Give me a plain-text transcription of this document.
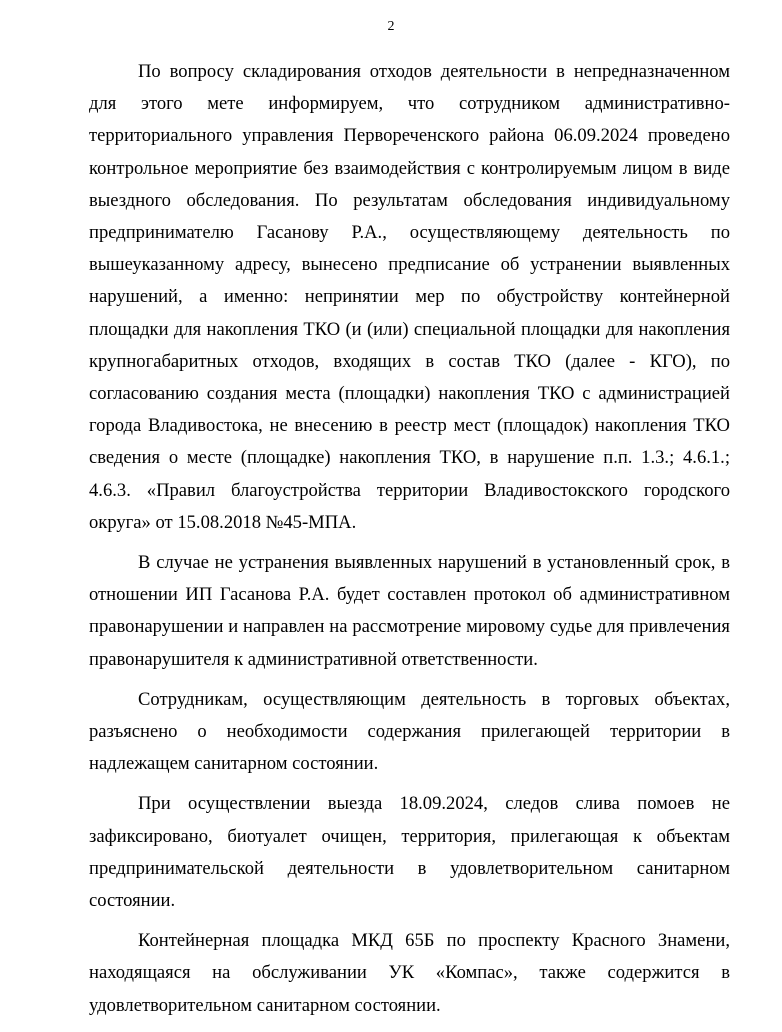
2

По вопросу складирования отходов деятельности в непредназначенном для этого мете информируем, что сотрудником административно-территориального управления Первореченского района 06.09.2024 проведено контрольное мероприятие без взаимодействия с контролируемым лицом в виде выездного обследования. По результатам обследования индивидуальному предпринимателю Гасанову Р.А., осуществляющему деятельность по вышеуказанному адресу, вынесено предписание об устранении выявленных нарушений, а именно: непринятии мер по обустройству контейнерной площадки для накопления ТКО (и (или) специальной площадки для накопления крупногабаритных отходов, входящих в состав ТКО (далее - КГО), по согласованию создания места (площадки) накопления ТКО с администрацией города Владивостока, не внесению в реестр мест (площадок) накопления ТКО сведения о месте (площадке) накопления ТКО, в нарушение п.п. 1.3.; 4.6.1.; 4.6.3. «Правил благоустройства территории Владивостокского городского округа» от 15.08.2018 №45-МПА.

В случае не устранения выявленных нарушений в установленный срок, в отношении ИП Гасанова Р.А. будет составлен протокол об административном правонарушении и направлен на рассмотрение мировому судье для привлечения правонарушителя к административной ответственности.

Сотрудникам, осуществляющим деятельность в торговых объектах, разъяснено о необходимости содержания прилегающей территории в надлежащем санитарном состоянии.

При осуществлении выезда 18.09.2024, следов слива помоев не зафиксировано, биотуалет очищен, территория, прилегающая к объектам предпринимательской деятельности в удовлетворительном санитарном состоянии.

Контейнерная площадка МКД 65Б по проспекту Красного Знамени, находящаяся на обслуживании УК «Компас», также содержится в удовлетворительном санитарном состоянии.
